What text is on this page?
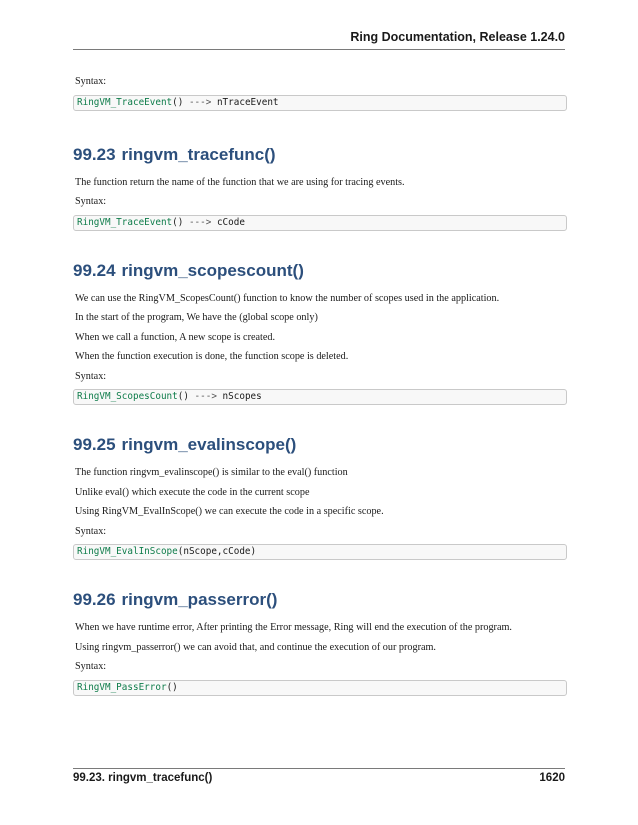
Ring Documentation, Release 1.24.0

Syntax:

RingVM_TraceEvent() ---> nTraceEvent
99.23 ringvm_tracefunc()

The function return the name of the function that we are using for tracing events.

Syntax:

RingVM_TraceEvent() ---> cCode
99.24 ringvm_scopescount()

We can use the RingVM_ScopesCount() function to know the number of scopes used in the application.

In the start of the program, We have the (global scope only)

When we call a function, A new scope is created.

When the function execution is done, the function scope is deleted.

Syntax:

RingVM_ScopesCount() ---> nScopes
99.25 ringvm_evalinscope()

The function ringvm_evalinscope() is similar to the eval() function

Unlike eval() which execute the code in the current scope

Using RingVM_EvalInScope() we can execute the code in a specific scope.

Syntax:

RingVM_EvalInScope(nScope,cCode)
99.26 ringvm_passerror()

When we have runtime error, After printing the Error message, Ring will end the execution of the program.

Using ringvm_passerror() we can avoid that, and continue the execution of our program.

Syntax:

RingVM_PassError()
99.23. ringvm_tracefunc()	1620
